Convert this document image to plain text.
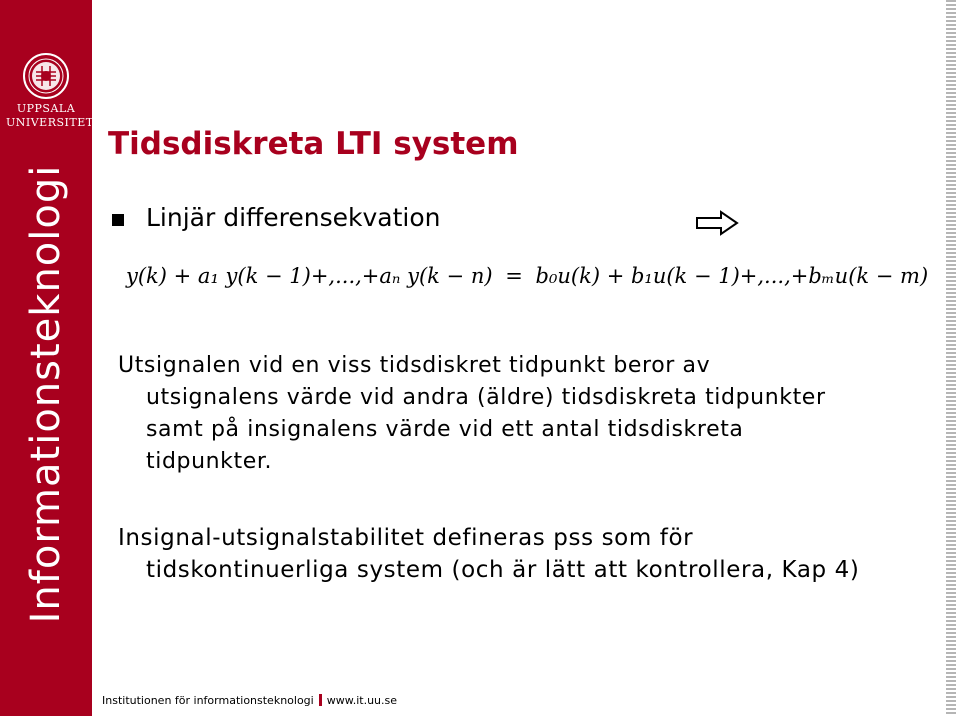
UPPSALA
UNIVERSITET
Informationsteknologi
Tidsdiskreta LTI system
Linjär differensekvation
y(k) + a₁ y(k − 1)+,...,+aₙ y(k − n) = b₀u(k) + b₁u(k − 1)+,...,+bₘu(k − m)
Utsignalen vid en viss tidsdiskret tidpunkt beror av
utsignalens värde vid andra (äldre) tidsdiskreta tidpunkter
samt på insignalens värde vid ett antal tidsdiskreta
tidpunkter.
Insignal-utsignalstabilitet defineras pss som för
tidskontinuerliga system (och är lätt att kontrollera, Kap 4)
Institutionen för informationsteknologi www.it.uu.se
